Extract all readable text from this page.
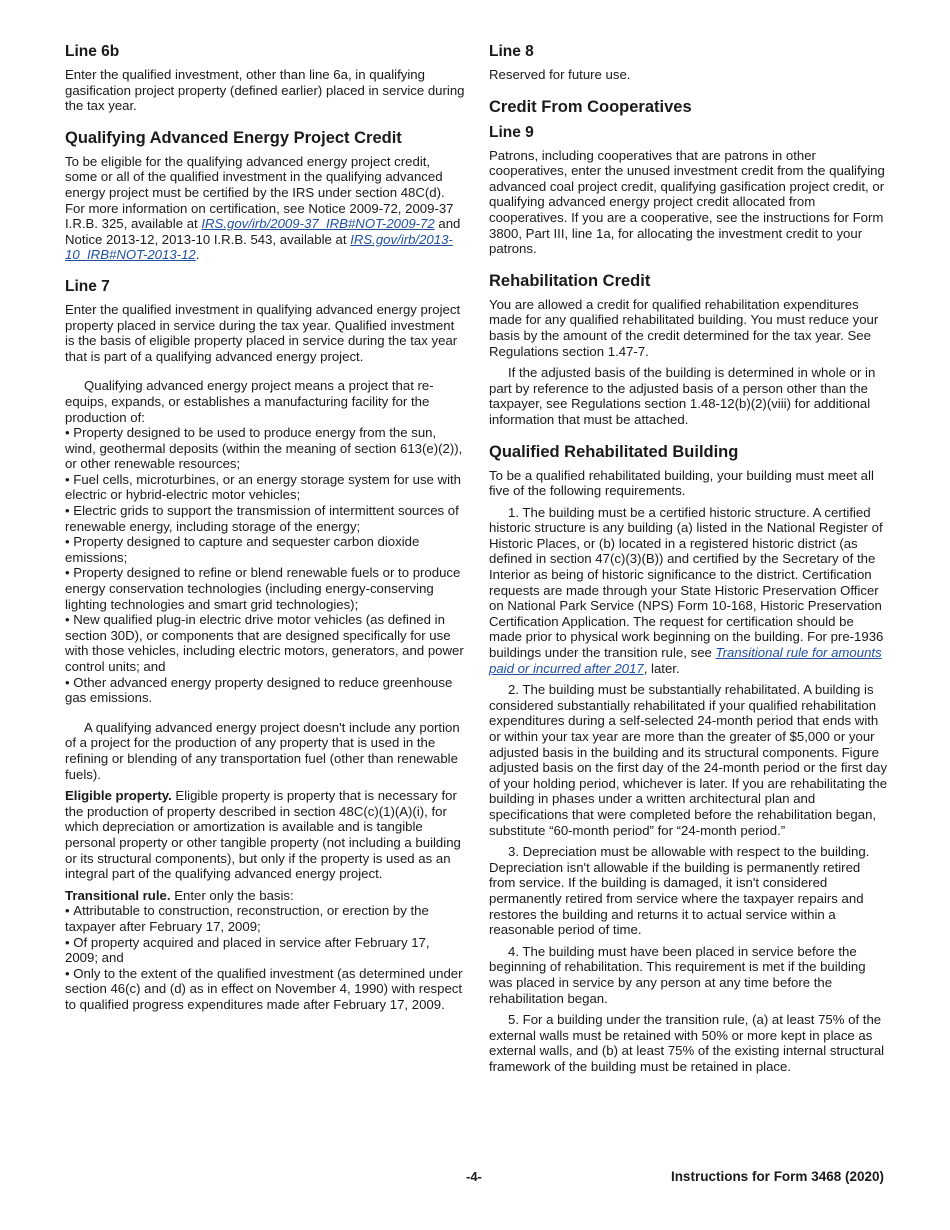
Line 6b

Enter the qualified investment, other than line 6a, in qualifying gasification project property (defined earlier) placed in service during the tax year.

Qualifying Advanced Energy Project Credit

To be eligible for the qualifying advanced energy project credit, some or all of the qualified investment in the qualifying advanced energy project must be certified by the IRS under section 48C(d). For more information on certification, see Notice 2009-72, 2009-37 I.R.B. 325, available at IRS.gov/irb/2009-37_IRB#NOT-2009-72 and Notice 2013-12, 2013-10 I.R.B. 543, available at IRS.gov/irb/2013-10_IRB#NOT-2013-12.

Line 7

Enter the qualified investment in qualifying advanced energy project property placed in service during the tax year. Qualified investment is the basis of eligible property placed in service during the tax year that is part of a qualifying advanced energy project.

Qualifying advanced energy project means a project that re-equips, expands, or establishes a manufacturing facility for the production of:

• Property designed to be used to produce energy from the sun, wind, geothermal deposits (within the meaning of section 613(e)(2)), or other renewable resources;
• Fuel cells, microturbines, or an energy storage system for use with electric or hybrid-electric motor vehicles;
• Electric grids to support the transmission of intermittent sources of renewable energy, including storage of the energy;
• Property designed to capture and sequester carbon dioxide emissions;
• Property designed to refine or blend renewable fuels or to produce energy conservation technologies (including energy-conserving lighting technologies and smart grid technologies);
• New qualified plug-in electric drive motor vehicles (as defined in section 30D), or components that are designed specifically for use with those vehicles, including electric motors, generators, and power control units; and
• Other advanced energy property designed to reduce greenhouse gas emissions.

A qualifying advanced energy project doesn't include any portion of a project for the production of any property that is used in the refining or blending of any transportation fuel (other than renewable fuels).

Eligible property. Eligible property is property that is necessary for the production of property described in section 48C(c)(1)(A)(i), for which depreciation or amortization is available and is tangible personal property or other tangible property (not including a building or its structural components), but only if the property is used as an integral part of the qualifying advanced energy project.

Transitional rule. Enter only the basis:

• Attributable to construction, reconstruction, or erection by the taxpayer after February 17, 2009;
• Of property acquired and placed in service after February 17, 2009; and
• Only to the extent of the qualified investment (as determined under section 46(c) and (d) as in effect on November 4, 1990) with respect to qualified progress expenditures made after February 17, 2009.
Line 8

Reserved for future use.

Credit From Cooperatives
Line 9

Patrons, including cooperatives that are patrons in other cooperatives, enter the unused investment credit from the qualifying advanced coal project credit, qualifying gasification project credit, or qualifying advanced energy project credit allocated from cooperatives. If you are a cooperative, see the instructions for Form 3800, Part III, line 1a, for allocating the investment credit to your patrons.

Rehabilitation Credit

You are allowed a credit for qualified rehabilitation expenditures made for any qualified rehabilitated building. You must reduce your basis by the amount of the credit determined for the tax year. See Regulations section 1.47-7.

If the adjusted basis of the building is determined in whole or in part by reference to the adjusted basis of a person other than the taxpayer, see Regulations section 1.48-12(b)(2)(viii) for additional information that must be attached.

Qualified Rehabilitated Building

To be a qualified rehabilitated building, your building must meet all five of the following requirements.

1. The building must be a certified historic structure. A certified historic structure is any building (a) listed in the National Register of Historic Places, or (b) located in a registered historic district (as defined in section 47(c)(3)(B)) and certified by the Secretary of the Interior as being of historic significance to the district. Certification requests are made through your State Historic Preservation Officer on National Park Service (NPS) Form 10-168, Historic Preservation Certification Application. The request for certification should be made prior to physical work beginning on the building. For pre-1936 buildings under the transition rule, see Transitional rule for amounts paid or incurred after 2017, later.

2. The building must be substantially rehabilitated. A building is considered substantially rehabilitated if your qualified rehabilitation expenditures during a self-selected 24-month period that ends with or within your tax year are more than the greater of $5,000 or your adjusted basis in the building and its structural components. Figure adjusted basis on the first day of the 24-month period or the first day of your holding period, whichever is later. If you are rehabilitating the building in phases under a written architectural plan and specifications that were completed before the rehabilitation began, substitute “60-month period” for “24-month period.”

3. Depreciation must be allowable with respect to the building. Depreciation isn't allowable if the building is permanently retired from service. If the building is damaged, it isn't considered permanently retired from service where the taxpayer repairs and restores the building and returns it to actual service within a reasonable period of time.

4. The building must have been placed in service before the beginning of rehabilitation. This requirement is met if the building was placed in service by any person at any time before the rehabilitation began.

5. For a building under the transition rule, (a) at least 75% of the external walls must be retained with 50% or more kept in place as external walls, and (b) at least 75% of the existing internal structural framework of the building must be retained in place.

-4-	Instructions for Form 3468 (2020)
